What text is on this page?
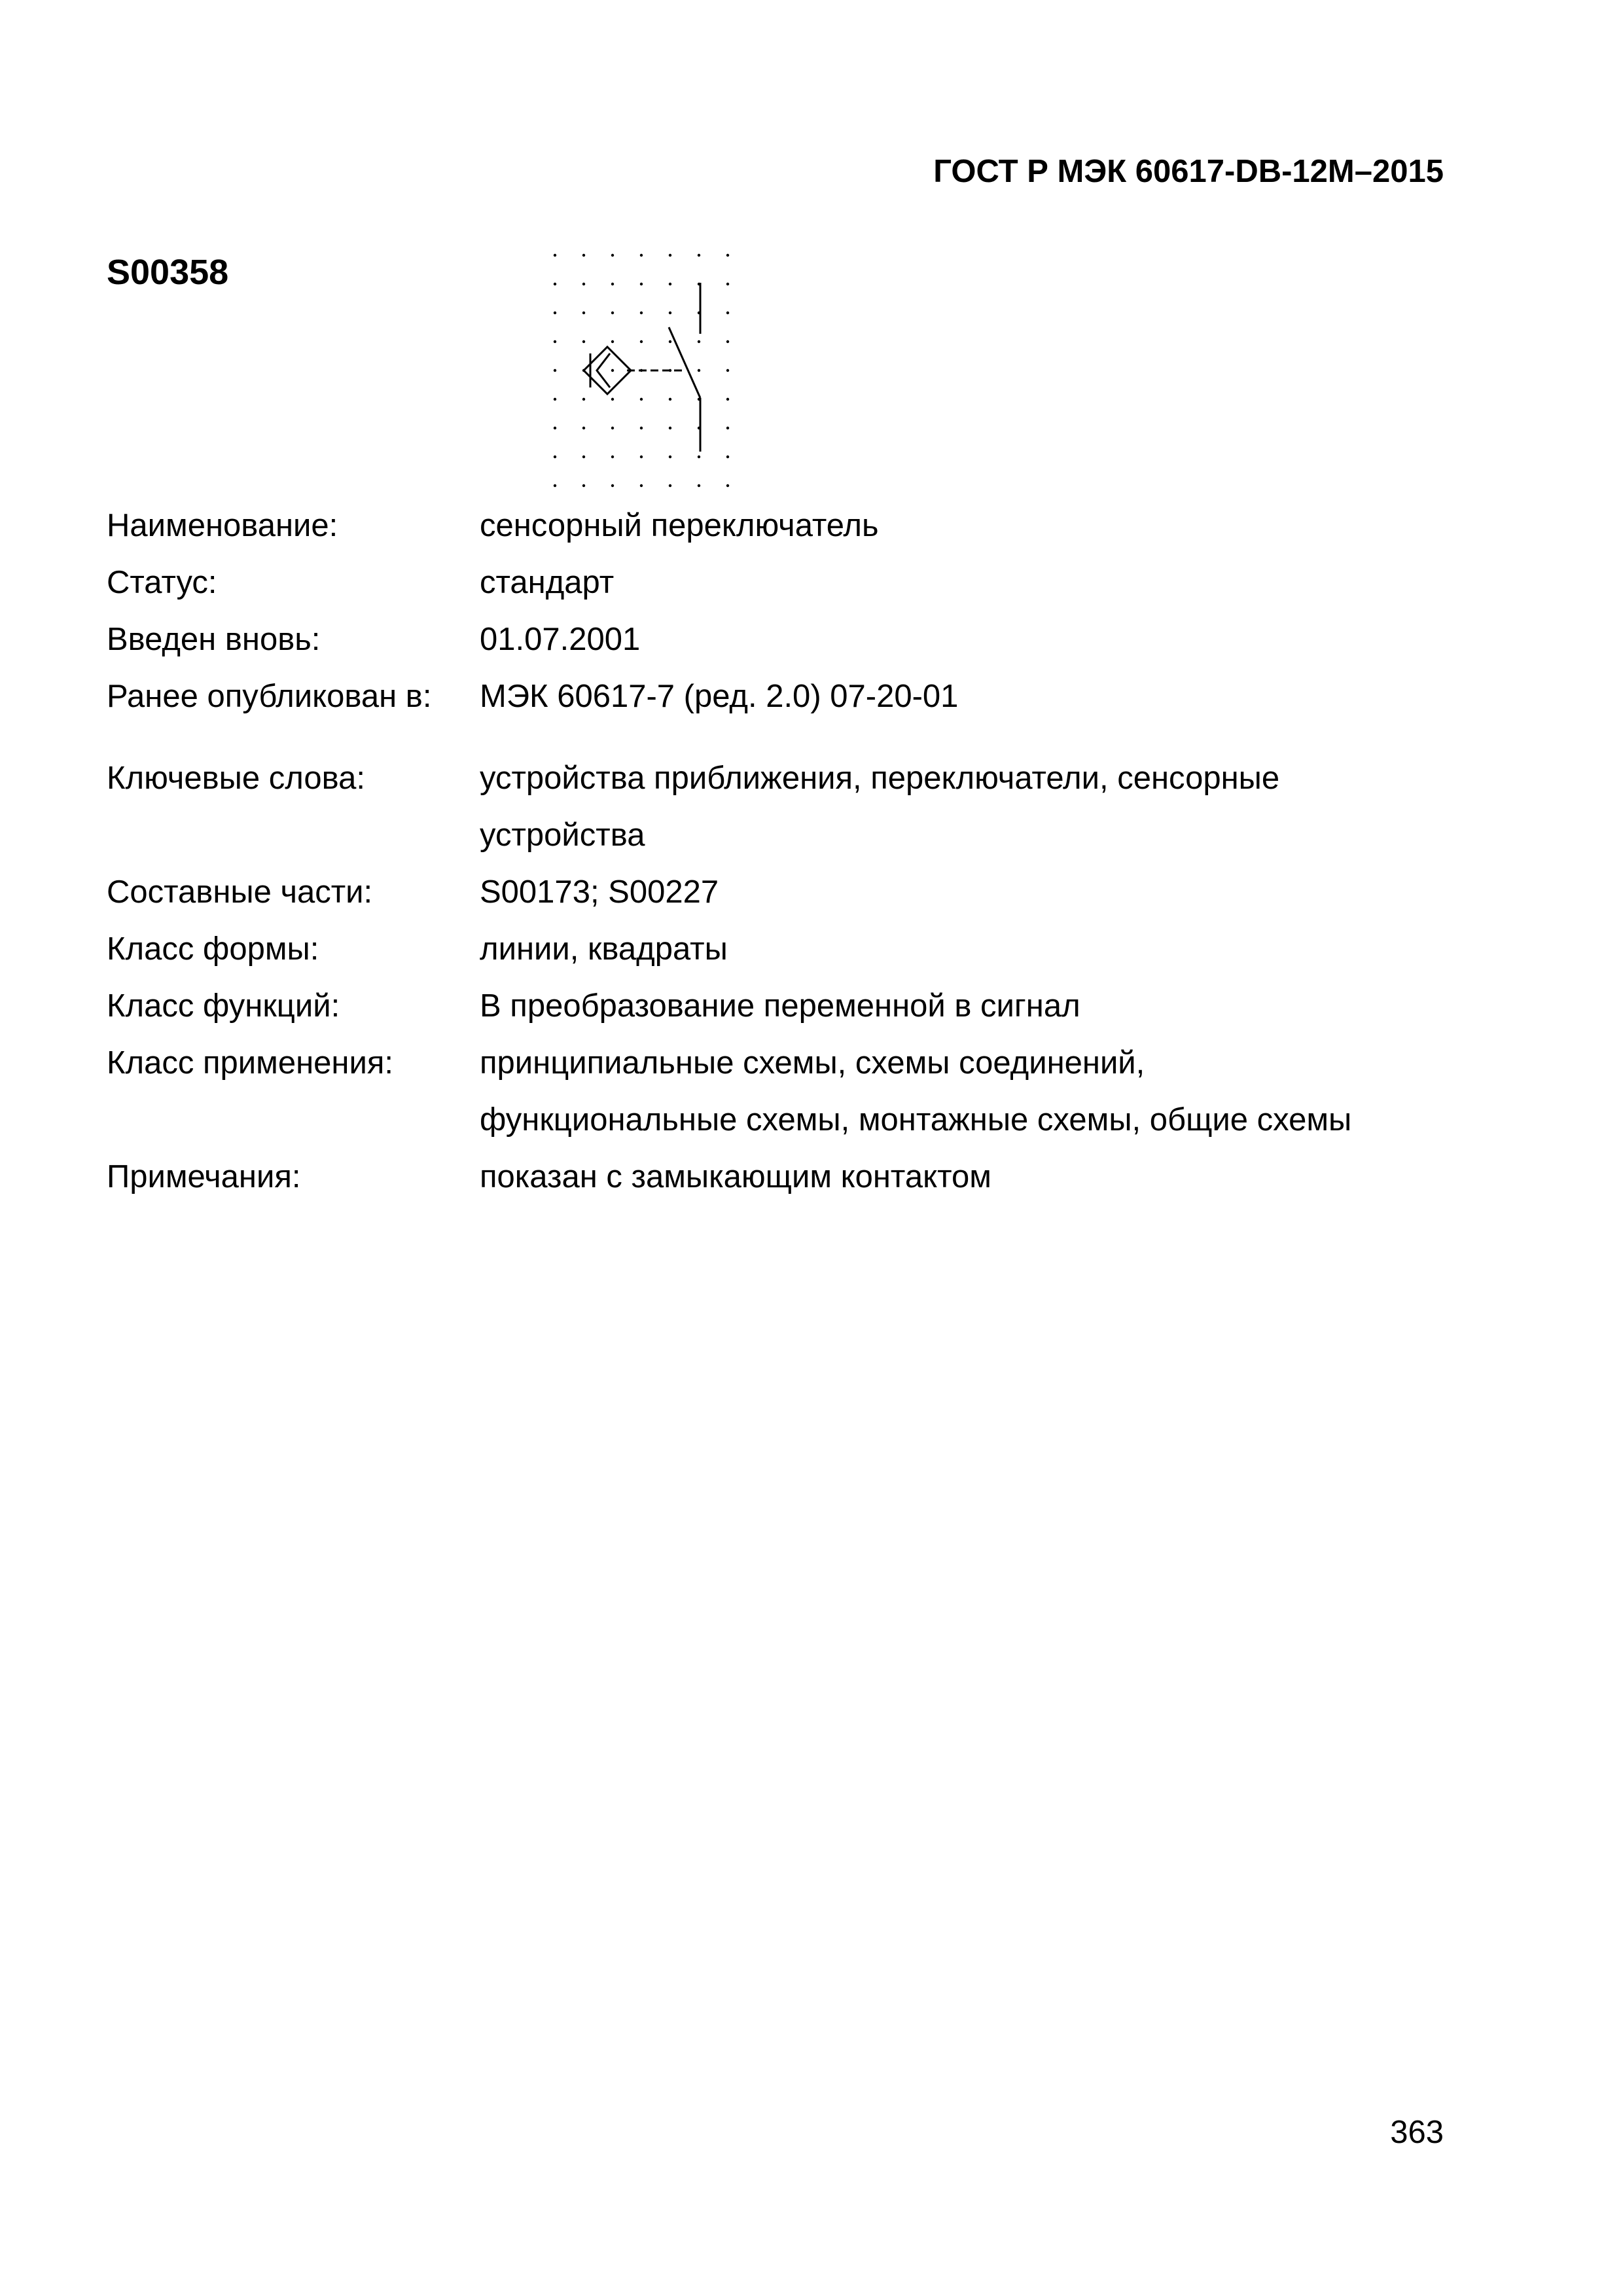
ГОСТ Р МЭК 60617-DB-12М–2015
S00358
Наименование:	сенсорный переключатель
Статус:	стандарт
Введен вновь:	01.07.2001
Ранее опубликован в:	МЭК 60617-7 (ред. 2.0) 07-20-01
Ключевые слова:	устройства приближения, переключатели, сенсорные устройства
Составные части:	S00173; S00227
Класс формы:	линии, квадраты
Класс функций:	В преобразование переменной в сигнал
Класс применения:	принципиальные схемы, схемы соединений, функциональные схемы, монтажные схемы, общие схемы
Примечания:	показан с замыкающим контактом
363
